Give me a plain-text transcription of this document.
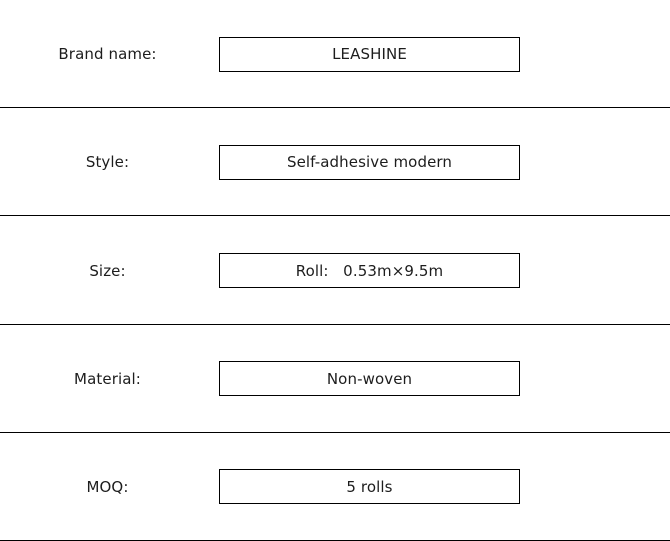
Brand name:	LEASHINE
Style:	Self-adhesive modern
Size:	Roll:   0.53m×9.5m
Material:	Non-woven
MOQ:	5 rolls
